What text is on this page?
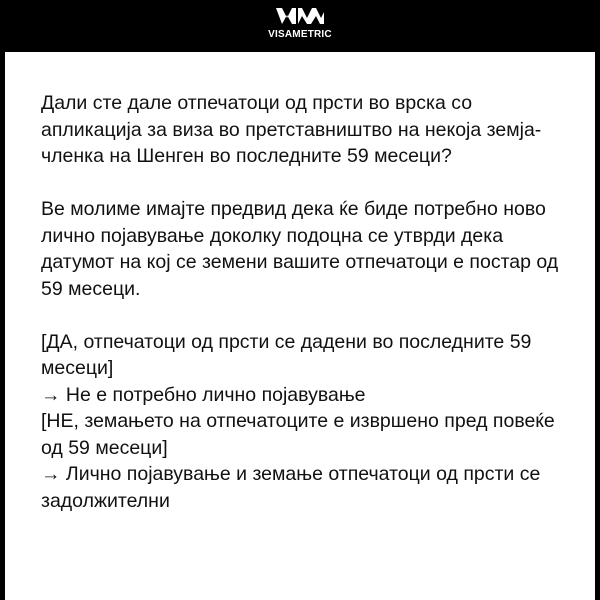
VISAMETRIC
Дали сте дале отпечатоци од прсти во врска со
апликација за виза во претставништво на некоја земја-
членка на Шенген во последните 59 месеци?
Ве молиме имајте предвид дека ќе биде потребно ново
лично појавување доколку подоцна се утврди дека
датумот на кој се земени вашите отпечатоци е постар од
59 месеци.
[ДА, отпечатоци од прсти се дадени во последните 59
месеци]
→ Не е потребно лично појавување
[НЕ, земањето на отпечатоците е извршено пред повеќе
од 59 месеци]
→ Лично појавување и земање отпечатоци од прсти се
задолжителни
